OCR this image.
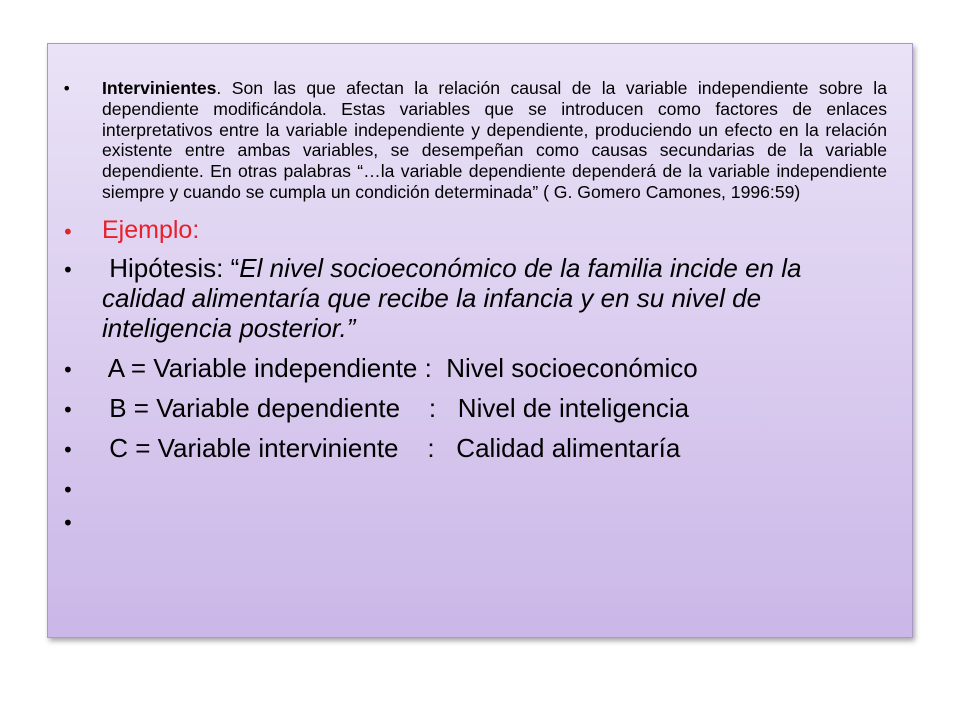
• Intervinientes. Son las que afectan la relación causal de la variable independiente sobre la dependiente modificándola. Estas variables que se introducen como factores de enlaces interpretativos entre la variable independiente y dependiente, produciendo un efecto en la relación existente entre ambas variables, se desempeñan como causas secundarias de la variable dependiente. En otras palabras “…la variable dependiente dependerá de la variable independiente siempre y cuando se cumpla un condición determinada” ( G. Gomero Camones, 1996:59)
• Ejemplo:
• Hipótesis: “El nivel socioeconómico de la familia incide en la calidad alimentaría que recibe la infancia y en su nivel de inteligencia posterior.”
• A = Variable independiente :  Nivel socioeconómico
• B = Variable dependiente    :   Nivel de inteligencia
• C = Variable interviniente    :   Calidad alimentaría
•
•
